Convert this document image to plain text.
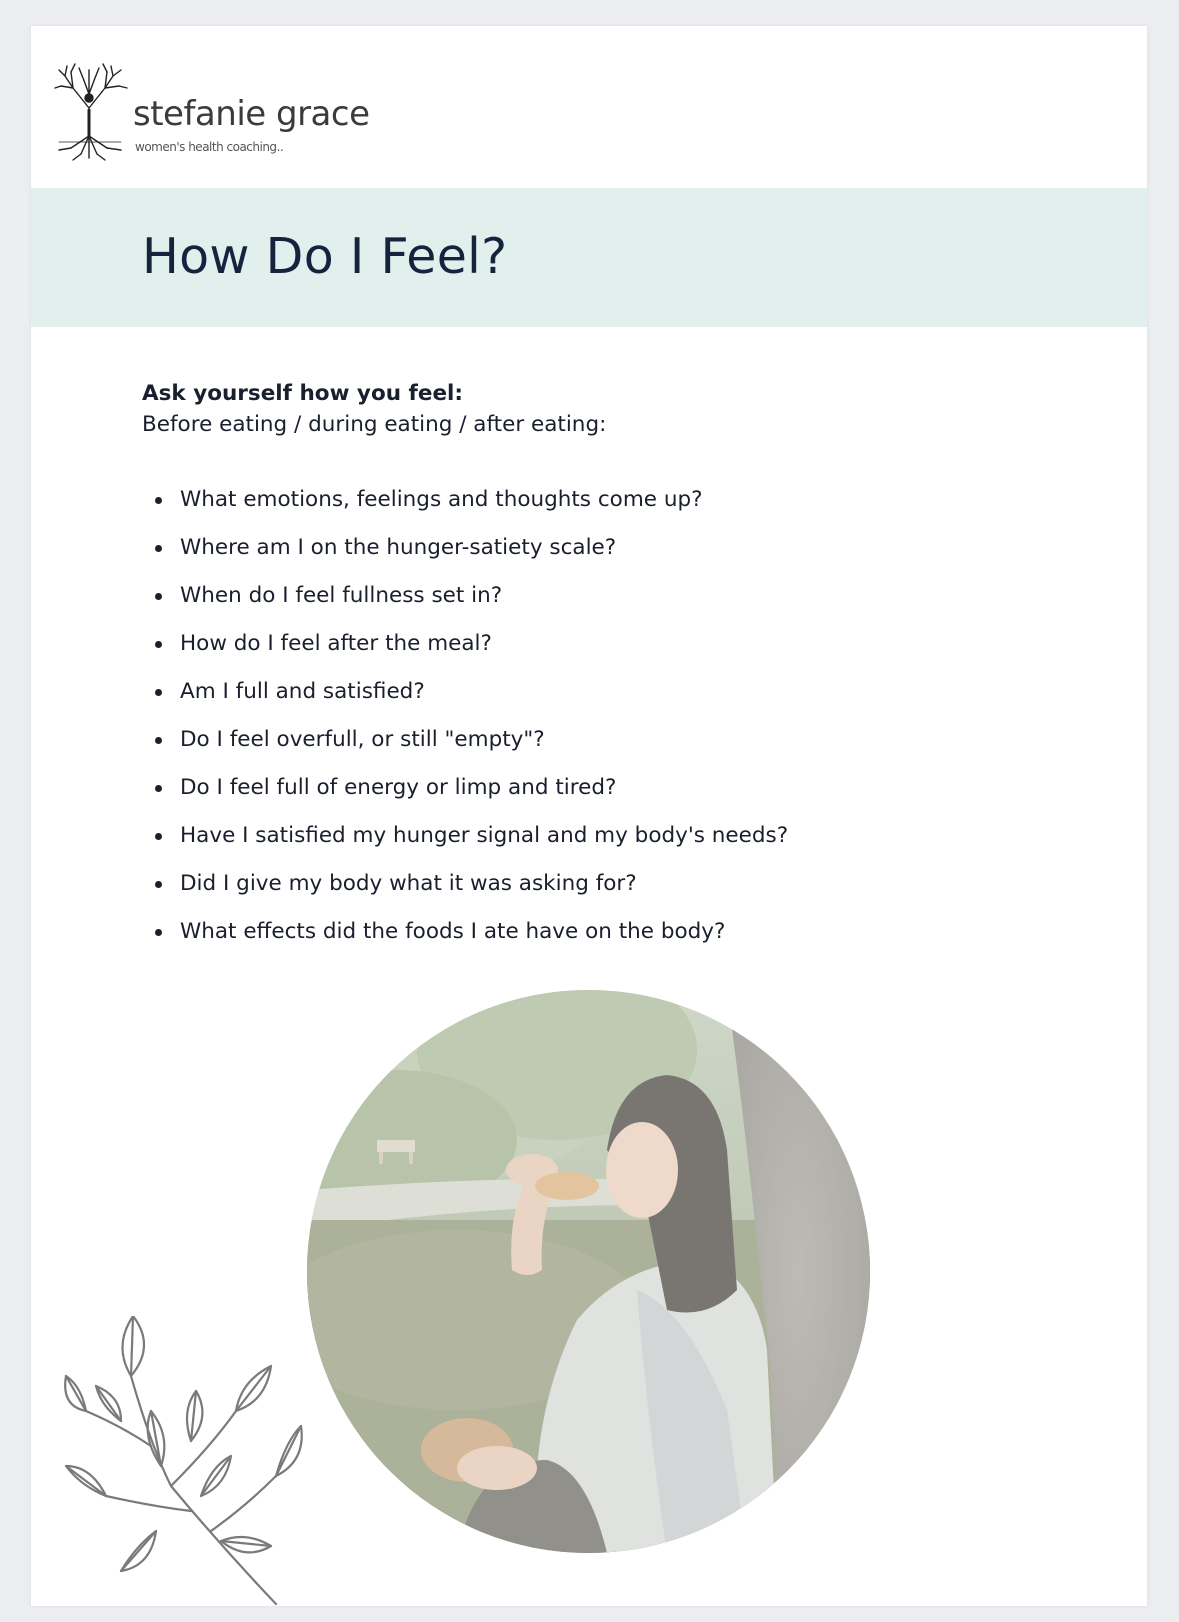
stefanie grace
women's health coaching..
How Do I Feel?
Ask yourself how you feel:
Before eating / during eating / after eating:
What emotions, feelings and thoughts come up?
Where am I on the hunger-satiety scale?
When do I feel fullness set in?
How do I feel after the meal?
Am I full and satisfied?
Do I feel overfull, or still "empty"?
Do I feel full of energy or limp and tired?
Have I satisfied my hunger signal and my body's needs?
Did I give my body what it was asking for?
What effects did the foods I ate have on the body?
